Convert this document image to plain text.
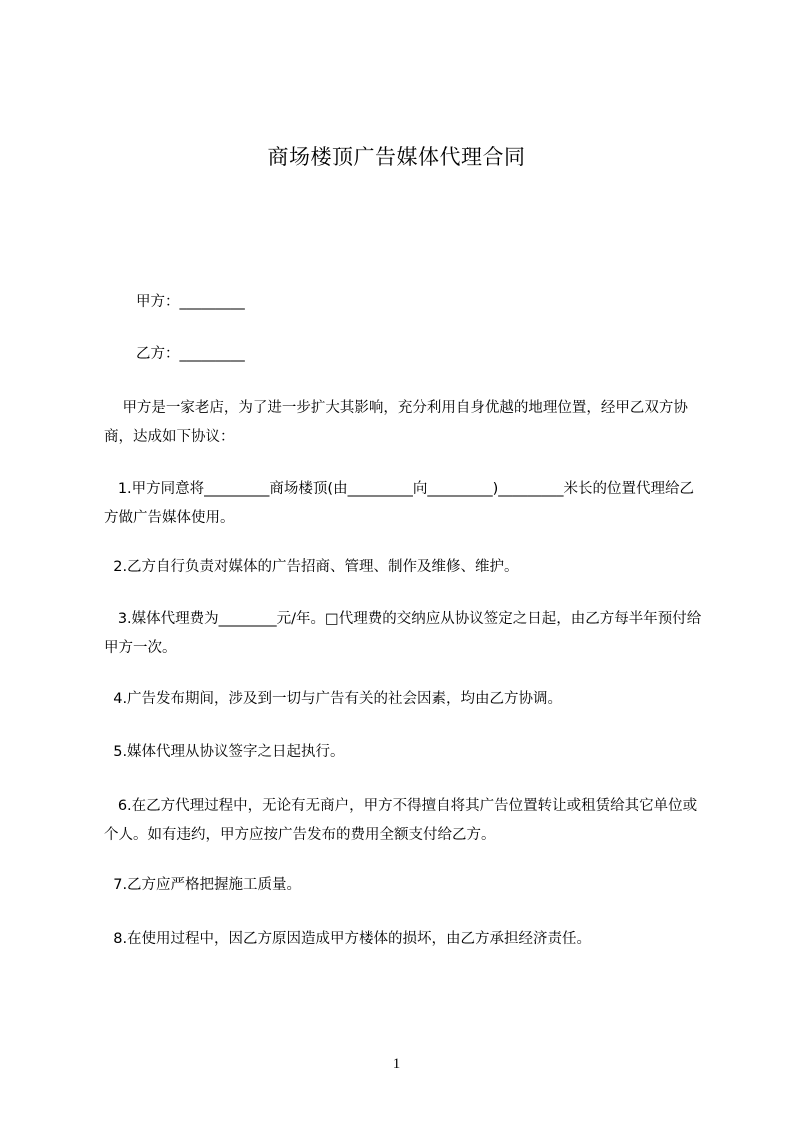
商场楼顶广告媒体代理合同
甲方：_________
乙方：_________
甲方是一家老店，为了进一步扩大其影响，充分利用自身优越的地理位置，经甲乙双方协商，达成如下协议：
1.甲方同意将_________商场楼顶(由_________向_________)_________米长的位置代理给乙方做广告媒体使用。
2.乙方自行负责对媒体的广告招商、管理、制作及维修、维护。
3.媒体代理费为________元/年。□代理费的交纳应从协议签定之日起，由乙方每半年预付给甲方一次。
4.广告发布期间，涉及到一切与广告有关的社会因素，均由乙方协调。
5.媒体代理从协议签字之日起执行。
6.在乙方代理过程中，无论有无商户，甲方不得擅自将其广告位置转让或租赁给其它单位或个人。如有违约，甲方应按广告发布的费用全额支付给乙方。
7.乙方应严格把握施工质量。
8.在使用过程中，因乙方原因造成甲方楼体的损坏，由乙方承担经济责任。
1
